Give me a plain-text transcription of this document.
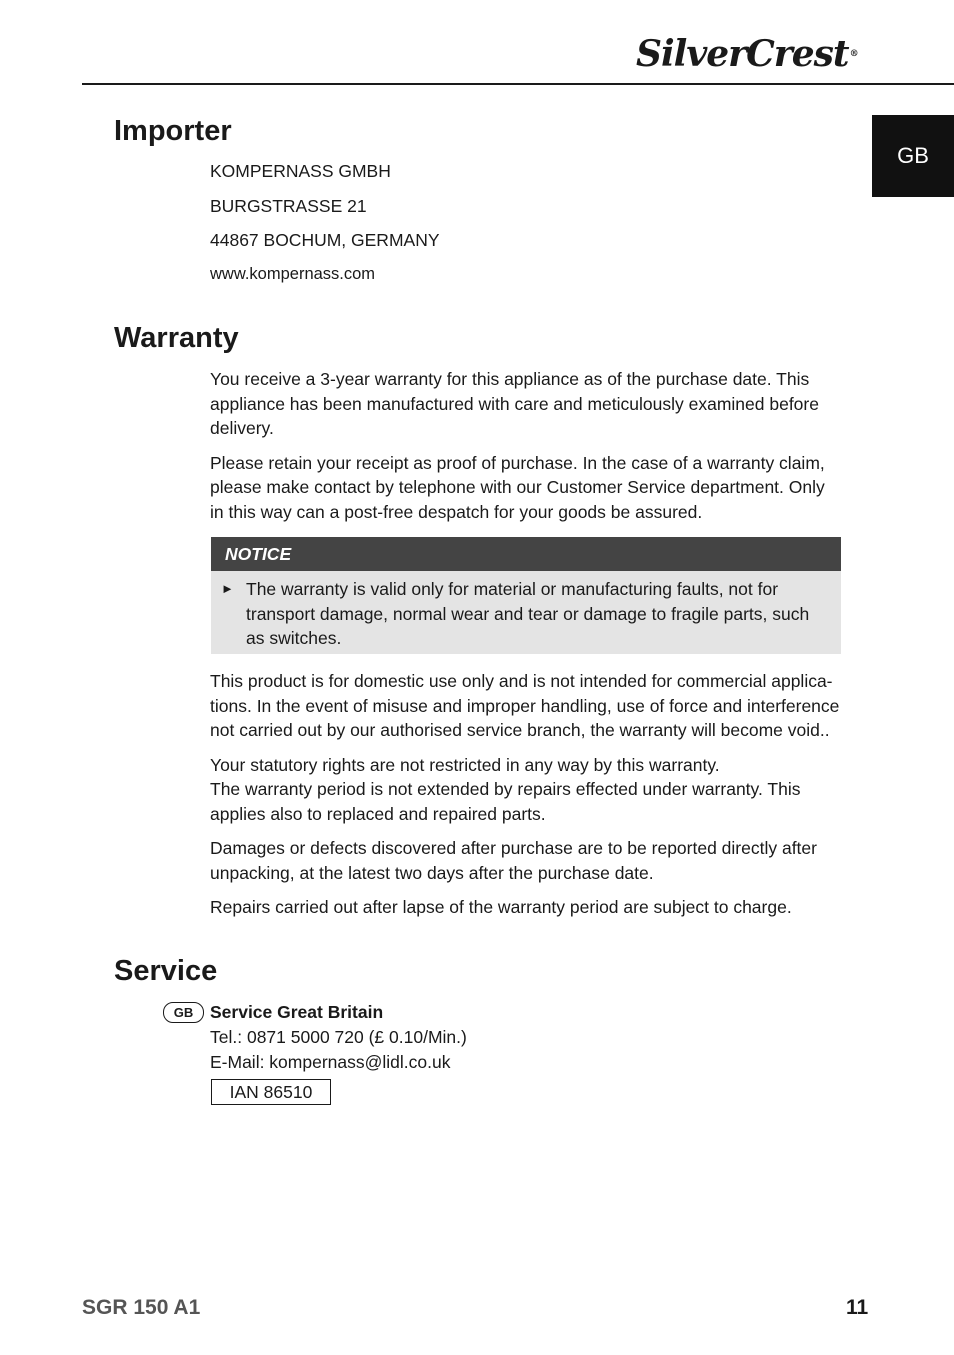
SilverCrest®
GB
Importer
KOMPERNASS GMBH
BURGSTRASSE 21
44867 BOCHUM, GERMANY
www.kompernass.com
Warranty

You receive a 3-year warranty for this appliance as of the purchase date. This appliance has been manufactured with care and meticulously examined before delivery.

Please retain your receipt as proof of purchase. In the case of a warranty claim, please make contact by telephone with our Customer Service department. Only in this way can a post-free despatch for your goods be assured.

NOTICE
► The warranty is valid only for material or manufacturing faults, not for transport damage, normal wear and tear or damage to fragile parts, such as switches.

This product is for domestic use only and is not intended for commercial applica-tions. In the event of misuse and improper handling, use of force and interference not carried out by our authorised service branch, the warranty will become void..

Your statutory rights are not restricted in any way by this warranty.

The warranty period is not extended by repairs effected under warranty. This applies also to replaced and repaired parts.

Damages or defects discovered after purchase are to be reported directly after unpacking, at the latest two days after the purchase date.

Repairs carried out after lapse of the warranty period are subject to charge.

Service
GB Service Great Britain
Tel.: 0871 5000 720 (£ 0.10/Min.)
E-Mail: kompernass@lidl.co.uk
IAN 86510
SGR 150 A1	11
